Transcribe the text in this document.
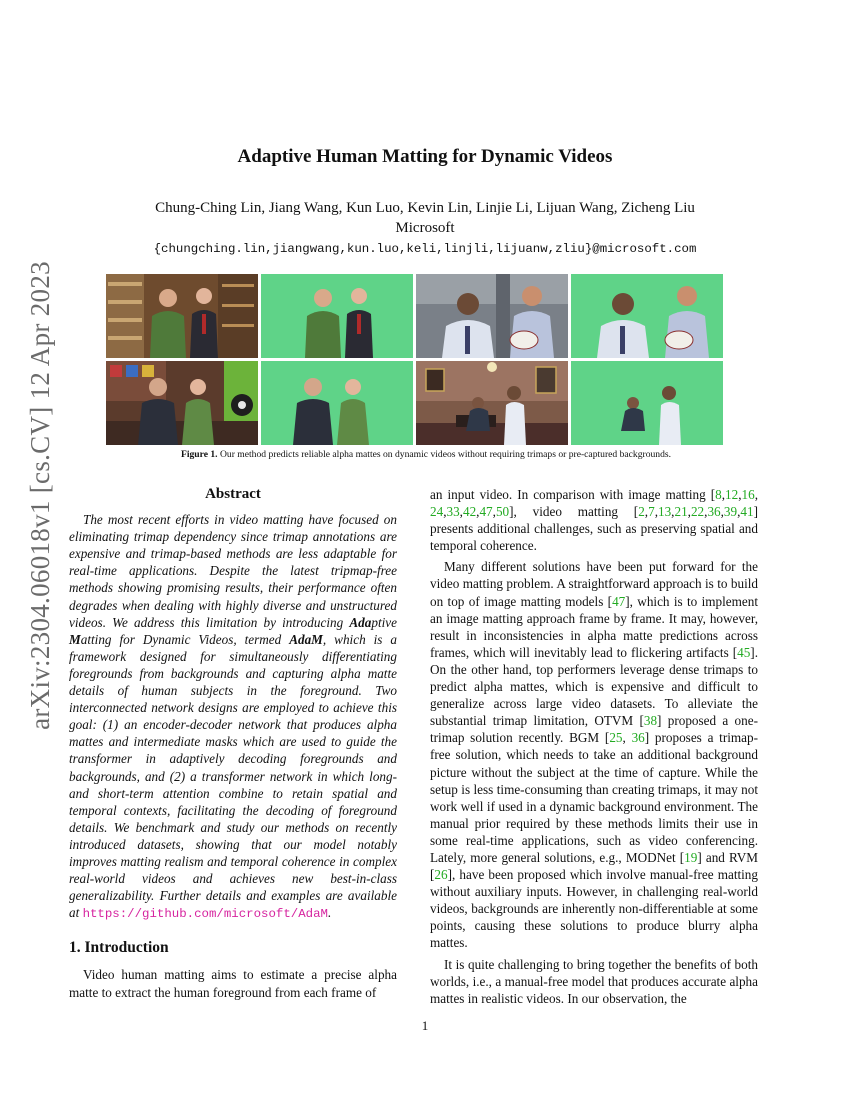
arXiv:2304.06018v1 [cs.CV] 12 Apr 2023
Adaptive Human Matting for Dynamic Videos
Chung-Ching Lin, Jiang Wang, Kun Luo, Kevin Lin, Linjie Li, Lijuan Wang, Zicheng Liu
Microsoft
{chungching.lin,jiangwang,kun.luo,keli,linjli,lijuanw,zliu}@microsoft.com
Figure 1. Our method predicts reliable alpha mattes on dynamic videos without requiring trimaps or pre-captured backgrounds.
Abstract

The most recent efforts in video matting have focused on eliminating trimap dependency since trimap annotations are expensive and trimap-based methods are less adaptable for real-time applications. Despite the latest tripmap-free methods showing promising results, their performance often degrades when dealing with highly diverse and unstructured videos. We address this limitation by introducing Adaptive Matting for Dynamic Videos, termed AdaM, which is a framework designed for simultaneously differentiating foregrounds from backgrounds and capturing alpha matte details of human subjects in the foreground. Two interconnected network designs are employed to achieve this goal: (1) an encoder-decoder network that produces alpha mattes and intermediate masks which are used to guide the transformer in adaptively decoding foregrounds and backgrounds, and (2) a transformer network in which long- and short-term attention combine to retain spatial and temporal contexts, facilitating the decoding of foreground details. We benchmark and study our methods on recently introduced datasets, showing that our model notably improves matting realism and temporal coherence in complex real-world videos and achieves new best-in-class generalizability. Further details and examples are available at https://github.com/microsoft/AdaM.

1. Introduction

Video human matting aims to estimate a precise alpha matte to extract the human foreground from each frame of

an input video. In comparison with image matting [8,12,16, 24,33,42,47,50], video matting [2,7,13,21,22,36,39,41] presents additional challenges, such as preserving spatial and temporal coherence.

Many different solutions have been put forward for the video matting problem. A straightforward approach is to build on top of image matting models [47], which is to implement an image matting approach frame by frame. It may, however, result in inconsistencies in alpha matte predictions across frames, which will inevitably lead to flickering artifacts [45]. On the other hand, top performers leverage dense trimaps to predict alpha mattes, which is expensive and difficult to generalize across large video datasets. To alleviate the substantial trimap limitation, OTVM [38] proposed a one-trimap solution recently. BGM [25, 36] proposes a trimap-free solution, which needs to take an additional background picture without the subject at the time of capture. While the setup is less time-consuming than creating trimaps, it may not work well if used in a dynamic background environment. The manual prior required by these methods limits their use in some real-time applications, such as video conferencing. Lately, more general solutions, e.g., MODNet [19] and RVM [26], have been proposed which involve manual-free matting without auxiliary inputs. However, in challenging real-world videos, backgrounds are inherently non-differentiable at some points, causing these solutions to produce blurry alpha mattes.

It is quite challenging to bring together the benefits of both worlds, i.e., a manual-free model that produces accurate alpha mattes in realistic videos. In our observation, the

1
